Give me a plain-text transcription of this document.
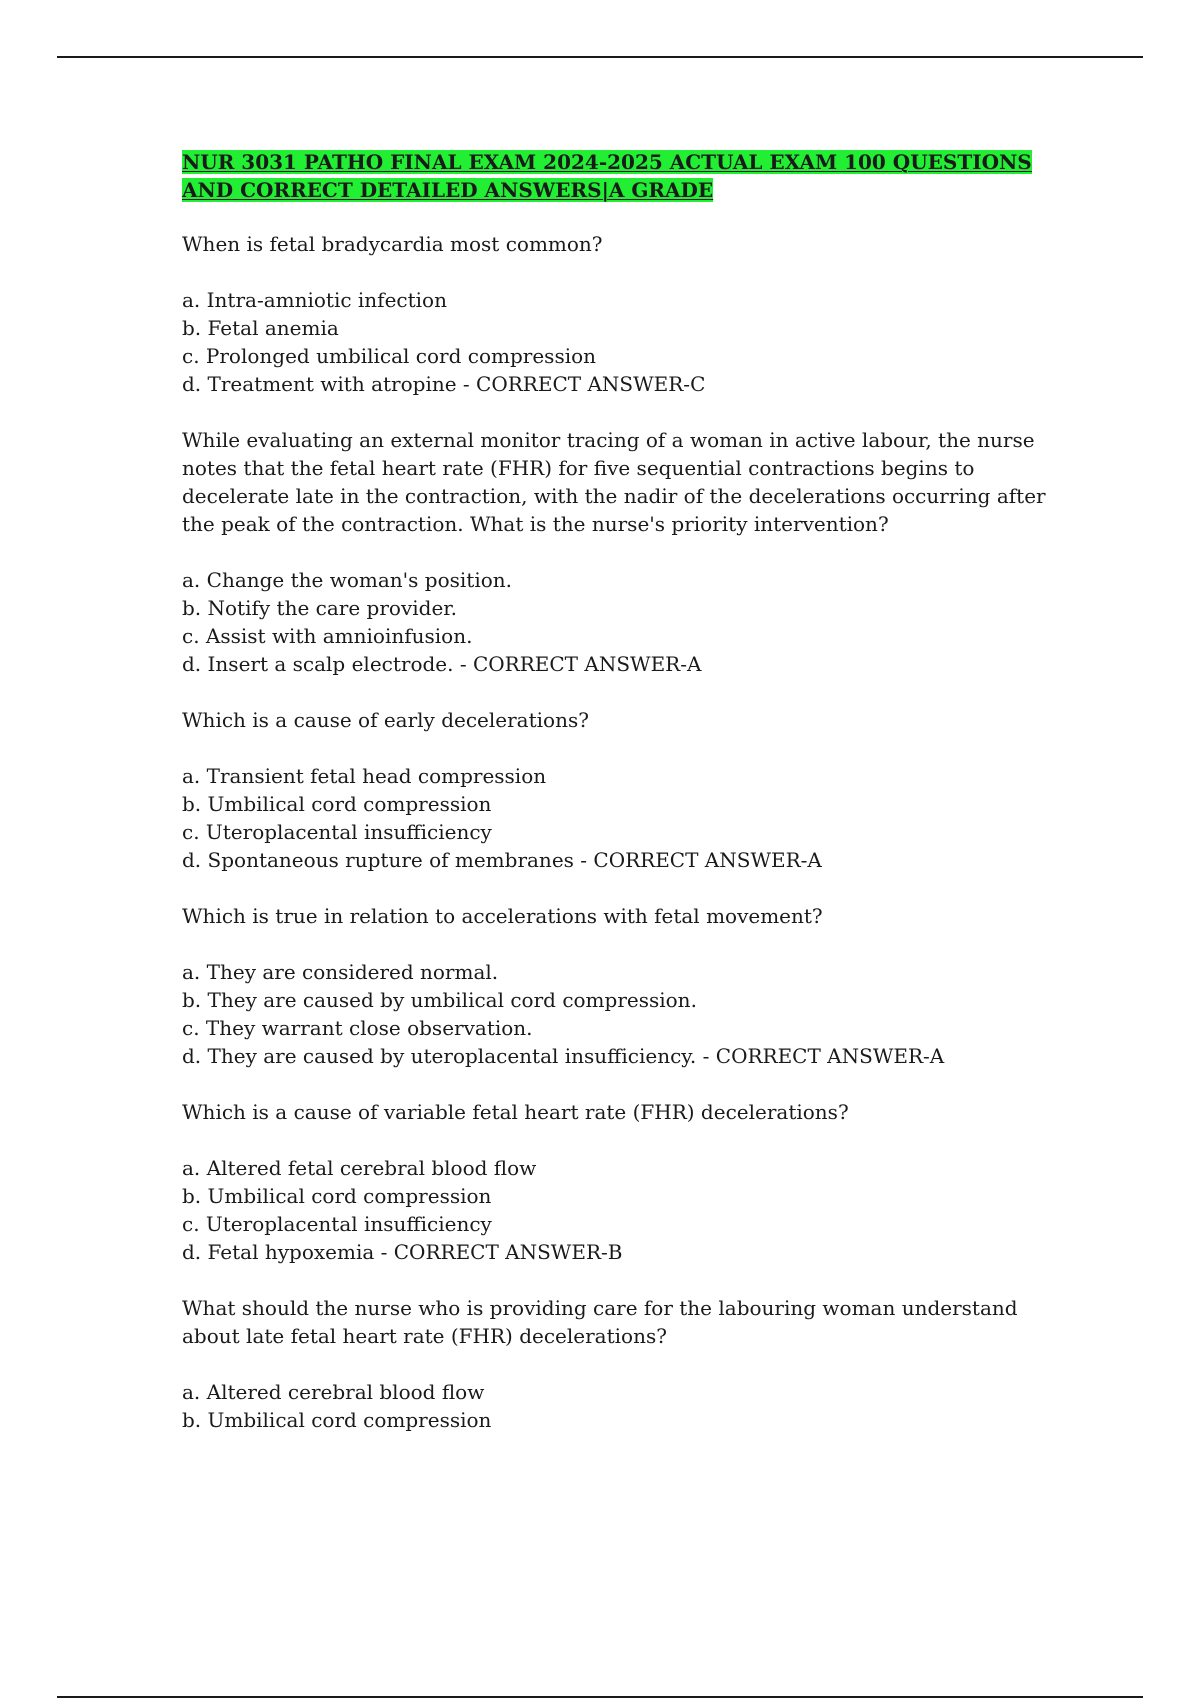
NUR 3031 PATHO FINAL EXAM 2024-2025 ACTUAL EXAM 100 QUESTIONS AND CORRECT DETAILED ANSWERS|A GRADE
When is fetal bradycardia most common?
a. Intra-amniotic infection
b. Fetal anemia
c. Prolonged umbilical cord compression
d. Treatment with atropine - CORRECT ANSWER-C
While evaluating an external monitor tracing of a woman in active labour, the nurse notes that the fetal heart rate (FHR) for five sequential contractions begins to decelerate late in the contraction, with the nadir of the decelerations occurring after the peak of the contraction. What is the nurse's priority intervention?
a. Change the woman's position.
b. Notify the care provider.
c. Assist with amnioinfusion.
d. Insert a scalp electrode. - CORRECT ANSWER-A
Which is a cause of early decelerations?
a. Transient fetal head compression
b. Umbilical cord compression
c. Uteroplacental insufficiency
d. Spontaneous rupture of membranes - CORRECT ANSWER-A
Which is true in relation to accelerations with fetal movement?
a. They are considered normal.
b. They are caused by umbilical cord compression.
c. They warrant close observation.
d. They are caused by uteroplacental insufficiency. - CORRECT ANSWER-A
Which is a cause of variable fetal heart rate (FHR) decelerations?
a. Altered fetal cerebral blood flow
b. Umbilical cord compression
c. Uteroplacental insufficiency
d. Fetal hypoxemia - CORRECT ANSWER-B
What should the nurse who is providing care for the labouring woman understand about late fetal heart rate (FHR) decelerations?
a. Altered cerebral blood flow
b. Umbilical cord compression
